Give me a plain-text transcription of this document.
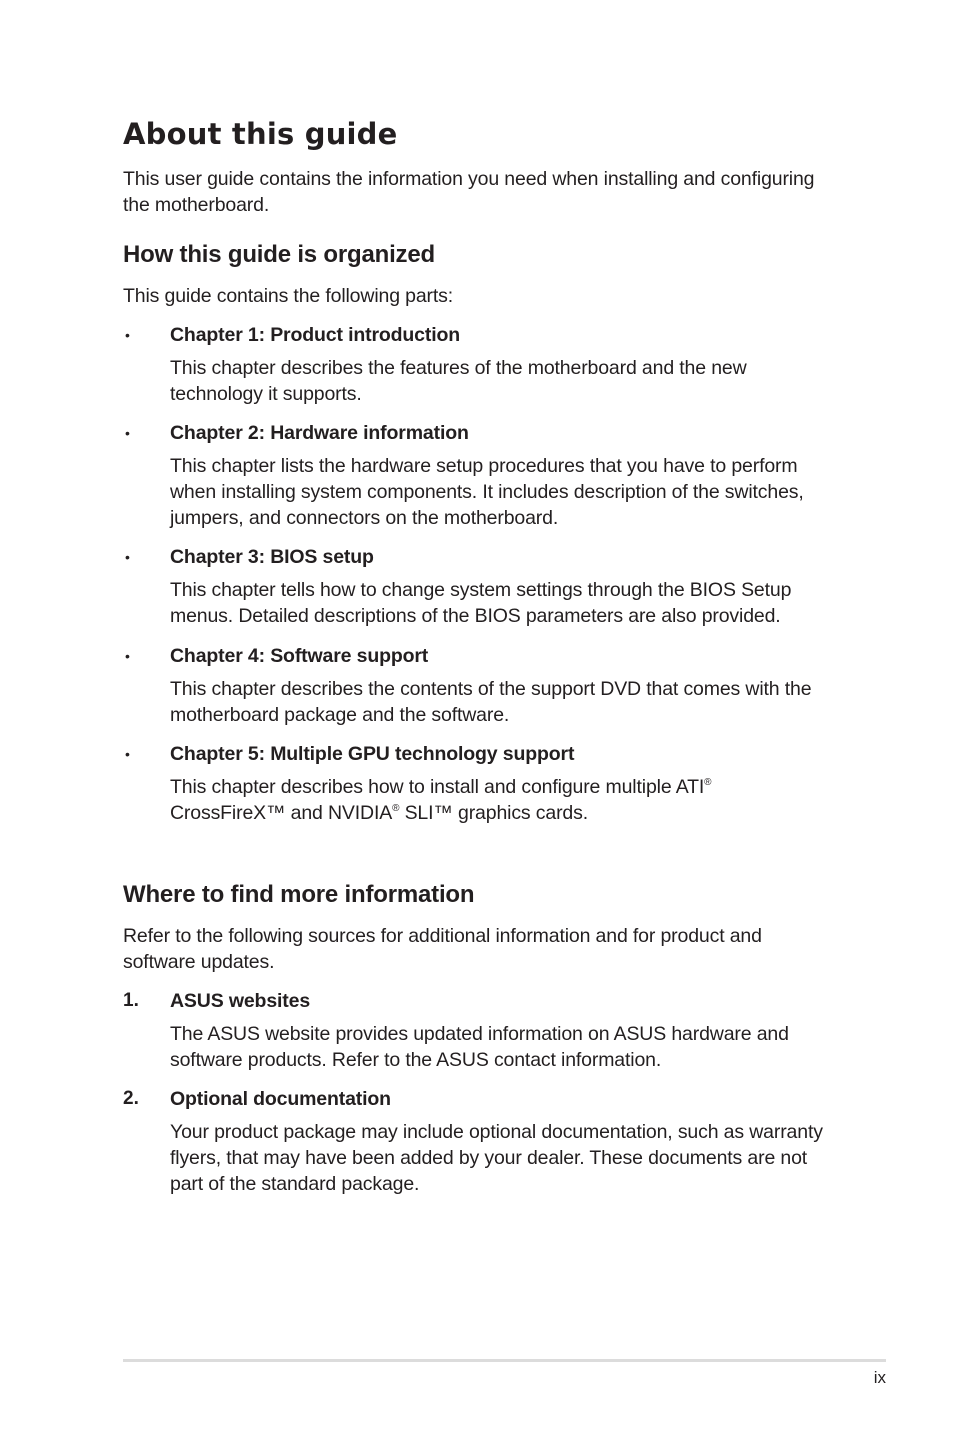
About this guide

This user guide contains the information you need when installing and configuring the motherboard.

How this guide is organized

This guide contains the following parts:

• Chapter 1: Product introduction
This chapter describes the features of the motherboard and the new technology it supports.
• Chapter 2: Hardware information
This chapter lists the hardware setup procedures that you have to perform when installing system components. It includes description of the switches, jumpers, and connectors on the motherboard.
• Chapter 3: BIOS setup
This chapter tells how to change system settings through the BIOS Setup menus. Detailed descriptions of the BIOS parameters are also provided.
• Chapter 4: Software support
This chapter describes the contents of the support DVD that comes with the motherboard package and the software.
• Chapter 5: Multiple GPU technology support
This chapter describes how to install and configure multiple ATI®
CrossFireX™ and NVIDIA® SLI™ graphics cards.
Where to find more information

Refer to the following sources for additional information and for product and software updates.

1. ASUS websites
The ASUS website provides updated information on ASUS hardware and software products. Refer to the ASUS contact information.
2. Optional documentation
Your product package may include optional documentation, such as warranty flyers, that may have been added by your dealer. These documents are not part of the standard package.
ix
